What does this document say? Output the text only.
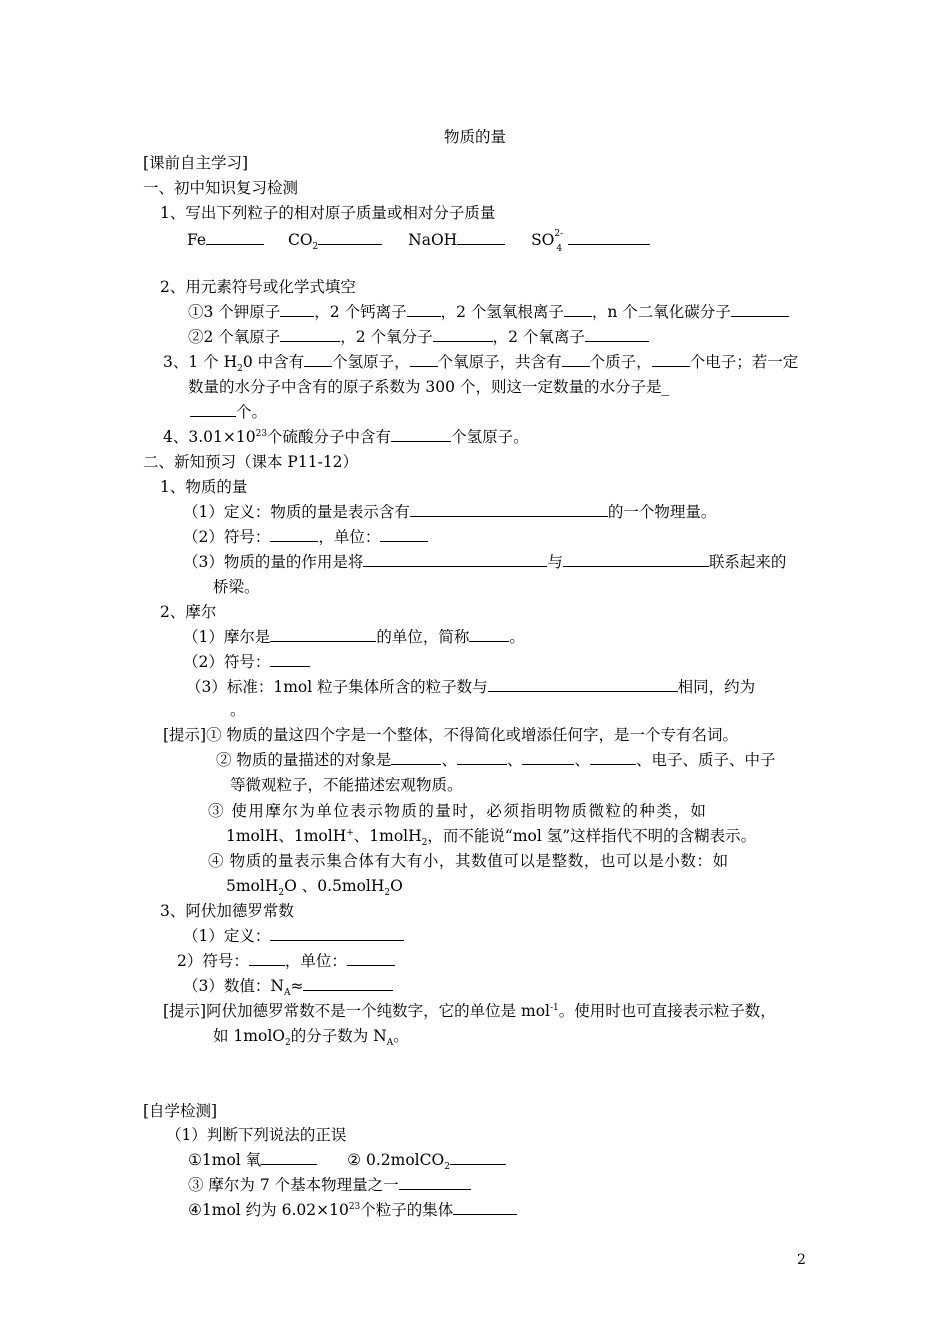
物质的量
[课前自主学习]
一、初中知识复习检测
1、写出下列粒子的相对原子质量或相对分子质量
Fe	$CO_2$	NaOH	SO 2-
4
2、用元素符号或化学式填空
①3 个钾原子 ，2 个钙离子 ，2 个氢氧根离子 ，n 个二氧化碳分子
②2 个氧原子	，2 个氧分子	，2 个氧离子
3、1 个 $H_20$ 中含有 个氢原子， 个氧原子，共含有 个质子， 个电子；若一定
数量的水分子中含有的原子系数为 300 个，则这一定数量的水分子是_
个。
4、$3.01\times 10^{23}$个硫酸分子中含有	个氢原子。
二、新知预习（课本 P11-12）
1、物质的量
（1）定义：物质的量是表示含有	的一个物理量。
（2）符号：	，单位：
（3）物质的量的作用是将	与	联系起来的
桥梁。
2、摩尔
（1）摩尔是	的单位，简称	。
（2）符号：
（3）标准：1mol 粒子集体所含的粒子数与	相同，约为
。
[提示]① 物质的量这四个字是一个整体，不得简化或增添任何字，是一个专有名词。
② 物质的量描述的对象是	、	、	、	、电子、质子、中子
等微观粒子，不能描述宏观物质。
③ 使用摩尔为单位表示物质的量时，必须指明物质微粒的种类，如
1molH、1molH+、1molH$_2$，而不能说“mol 氢”这样指代不明的含糊表示。
④ 物质的量表示集合体有大有小，其数值可以是整数，也可以是小数：如
5molH$_2$O 、0.5molH$_2$O
3、阿伏加德罗常数
（1）定义：
2）符号： ，单位：
（3）数值：$N_A\approx$
[提示]阿伏加德罗常数不是一个纯数字，它的单位是 mol$^{-1}$。使用时也可直接表示粒子数，
如 1molO$_2$的分子数为 $N_A$。
[自学检测]
（1）判断下列说法的正误
①1mol 氧	② 0.2molCO$_2$
③ 摩尔为 7 个基本物理量之一
④1mol 约为 $6.02\times 10^{23}$个粒子的集体
2
